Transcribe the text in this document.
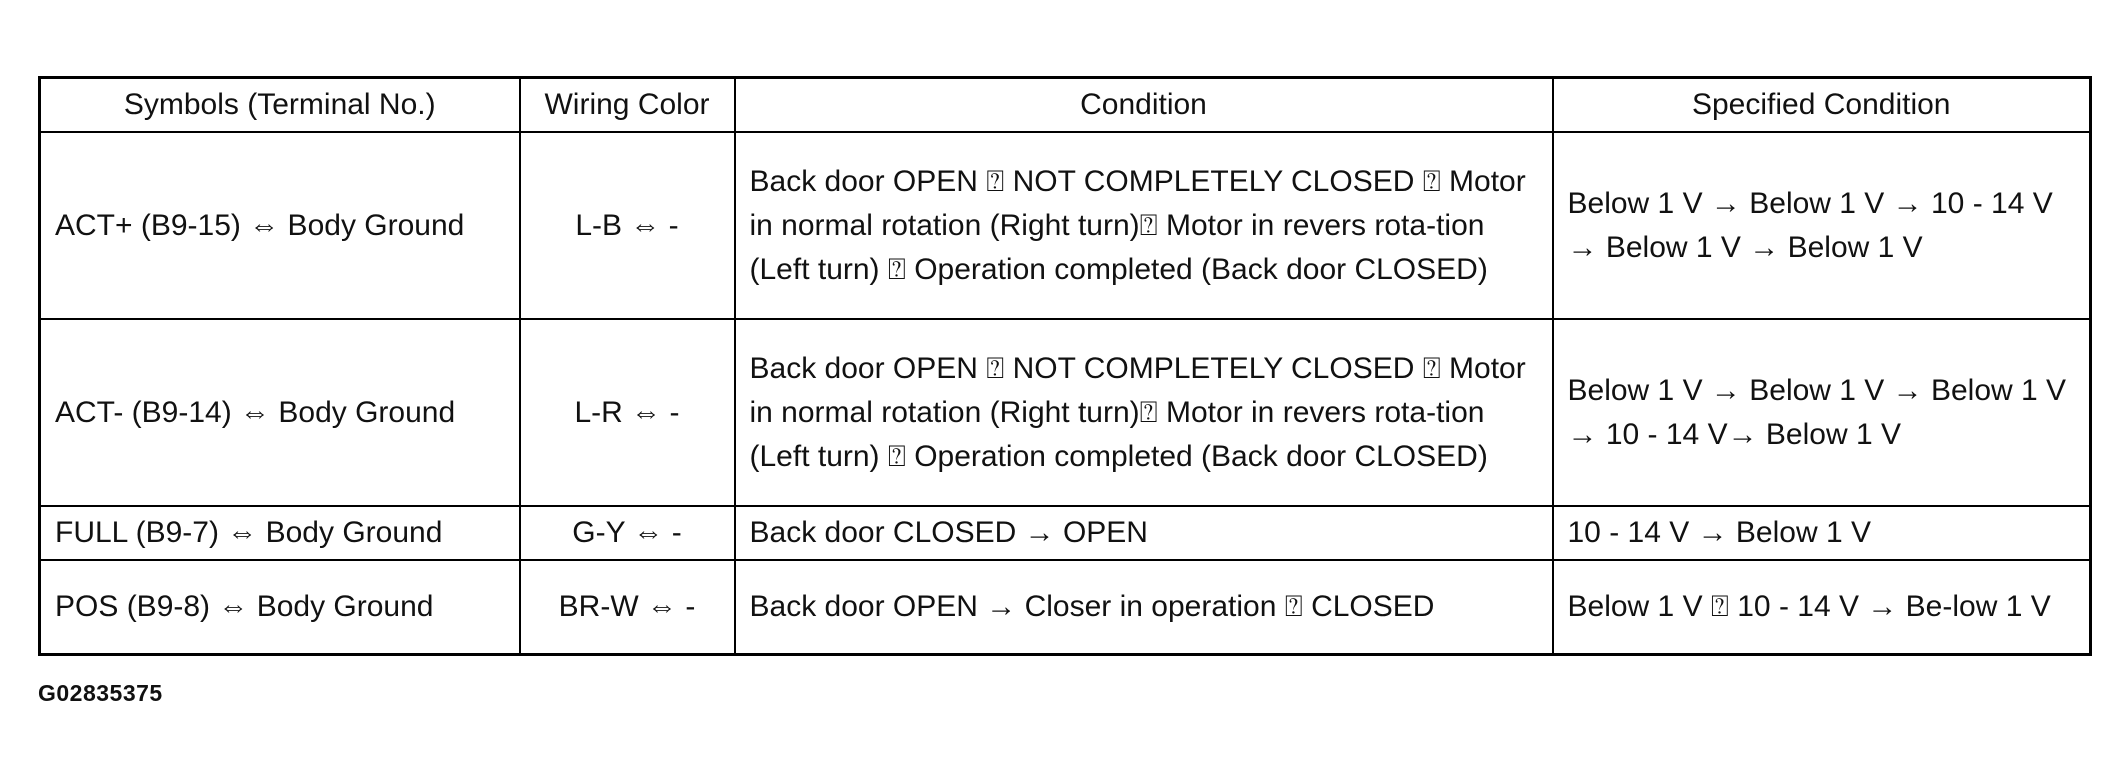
Symbols (Terminal No.)	Wiring Color	Condition	Specified Condition
ACT+ (B9-15) ⇔ Body Ground	L-B ⇔ -	Back door OPEN ⍰ NOT COMPLETELY CLOSED ⍰ Motor in normal rotation (Right turn)⍰ Motor in revers rota-tion (Left turn) ⍰ Operation completed (Back door CLOSED)	Below 1 V → Below 1 V → 10 - 14 V → Below 1 V → Below 1 V
ACT- (B9-14) ⇔ Body Ground	L-R ⇔ -	Back door OPEN ⍰ NOT COMPLETELY CLOSED ⍰ Motor in normal rotation (Right turn)⍰ Motor in revers rota-tion (Left turn) ⍰ Operation completed (Back door CLOSED)	Below 1 V → Below 1 V → Below 1 V → 10 - 14 V→ Below 1 V
FULL (B9-7) ⇔ Body Ground	G-Y ⇔ -	Back door CLOSED → OPEN	10 - 14 V → Below 1 V
POS (B9-8) ⇔ Body Ground	BR-W ⇔ -	Back door OPEN → Closer in operation ⍰ CLOSED	Below 1 V ⍰ 10 - 14 V → Be-low 1 V
G02835375
